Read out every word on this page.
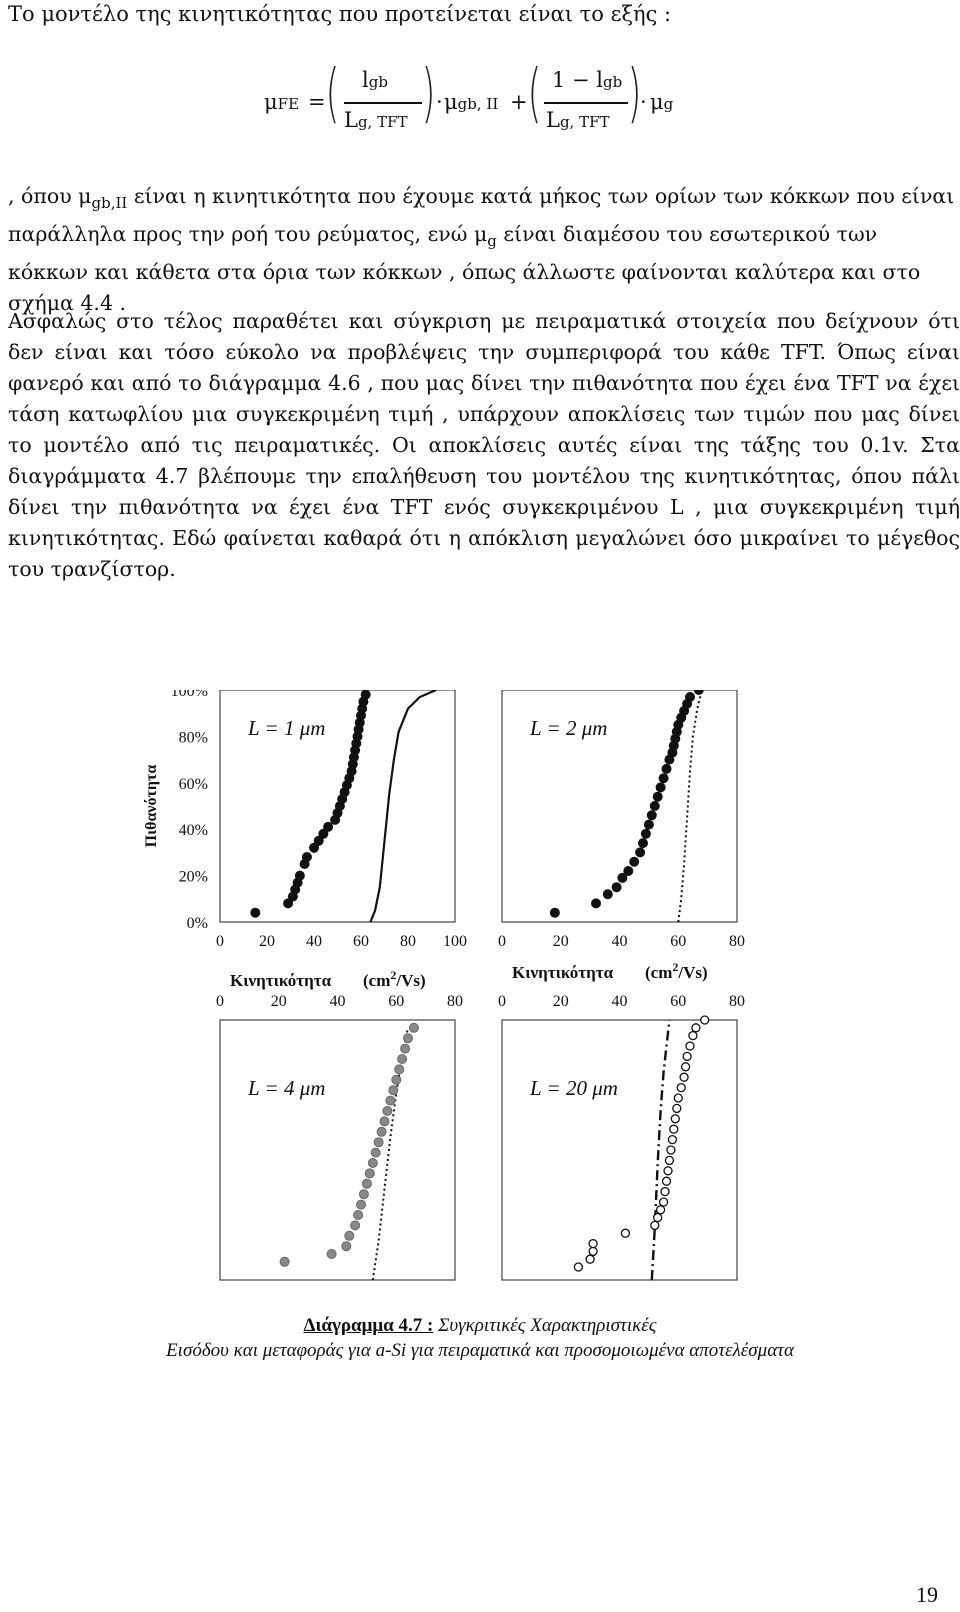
Το μοντέλο της κινητικότητας που προτείνεται είναι το εξής :

μFE = ( lgb
Lg, TFT ) · μgb, II + ( 1 − lgb
Lg, TFT )
· μg

, όπου $\mu_{gb,II}$ είναι η κινητικότητα που έχουμε κατά μήκος των ορίων των κόκκων που είναι παράλληλα προς την ροή του ρεύματος, ενώ $\mu_g$ είναι διαμέσου του εσωτερικού των κόκκων και κάθετα στα όρια των κόκκων , όπως άλλωστε φαίνονται καλύτερα και στο σχήμα 4.4 .

Ασφαλώς στο τέλος παραθέτει και σύγκριση με πειραματικά στοιχεία που δείχνουν ότι δεν είναι και τόσο εύκολο να προβλέψεις την συμπεριφορά του κάθε TFT. Όπως είναι φανερό και από το διάγραμμα 4.6 , που μας δίνει την πιθανότητα που έχει ένα TFT να έχει τάση κατωφλίου μια συγκεκριμένη τιμή , υπάρχουν αποκλίσεις των τιμών που μας δίνει το μοντέλο από τις πειραματικές. Οι αποκλίσεις αυτές είναι της τάξης του 0.1v. Στα διαγράμματα 4.7 βλέπουμε την επαλήθευση του μοντέλου της κινητικότητας, όπου πάλι δίνει την πιθανότητα να έχει ένα TFT ενός συγκεκριμένου L , μια συγκεκριμένη τιμή κινητικότητας. Εδώ φαίνεται καθαρά ότι η απόκλιση μεγαλώνει όσο μικραίνει το μέγεθος του τρανζίστορ.

100%
80%
60%
40%
20%
0%
Πιθανότητα
0 20 40 60 80 100
L = 1 μm
0	20	40	60	80
L = 2 μm
0	20	40	60	80
L = 4 μm
0	20	40	60	80
L = 20 μm
Κινητικότητα $(cm^2/Vs)$	Κινητικότητα $(cm^2/Vs)$
Διάγραμμα 4.7 : Συγκριτικές Χαρακτηριστικές
Εισόδου και μεταφοράς για a-Si για πειραματικά και προσομοιωμένα αποτελέσματα
19
